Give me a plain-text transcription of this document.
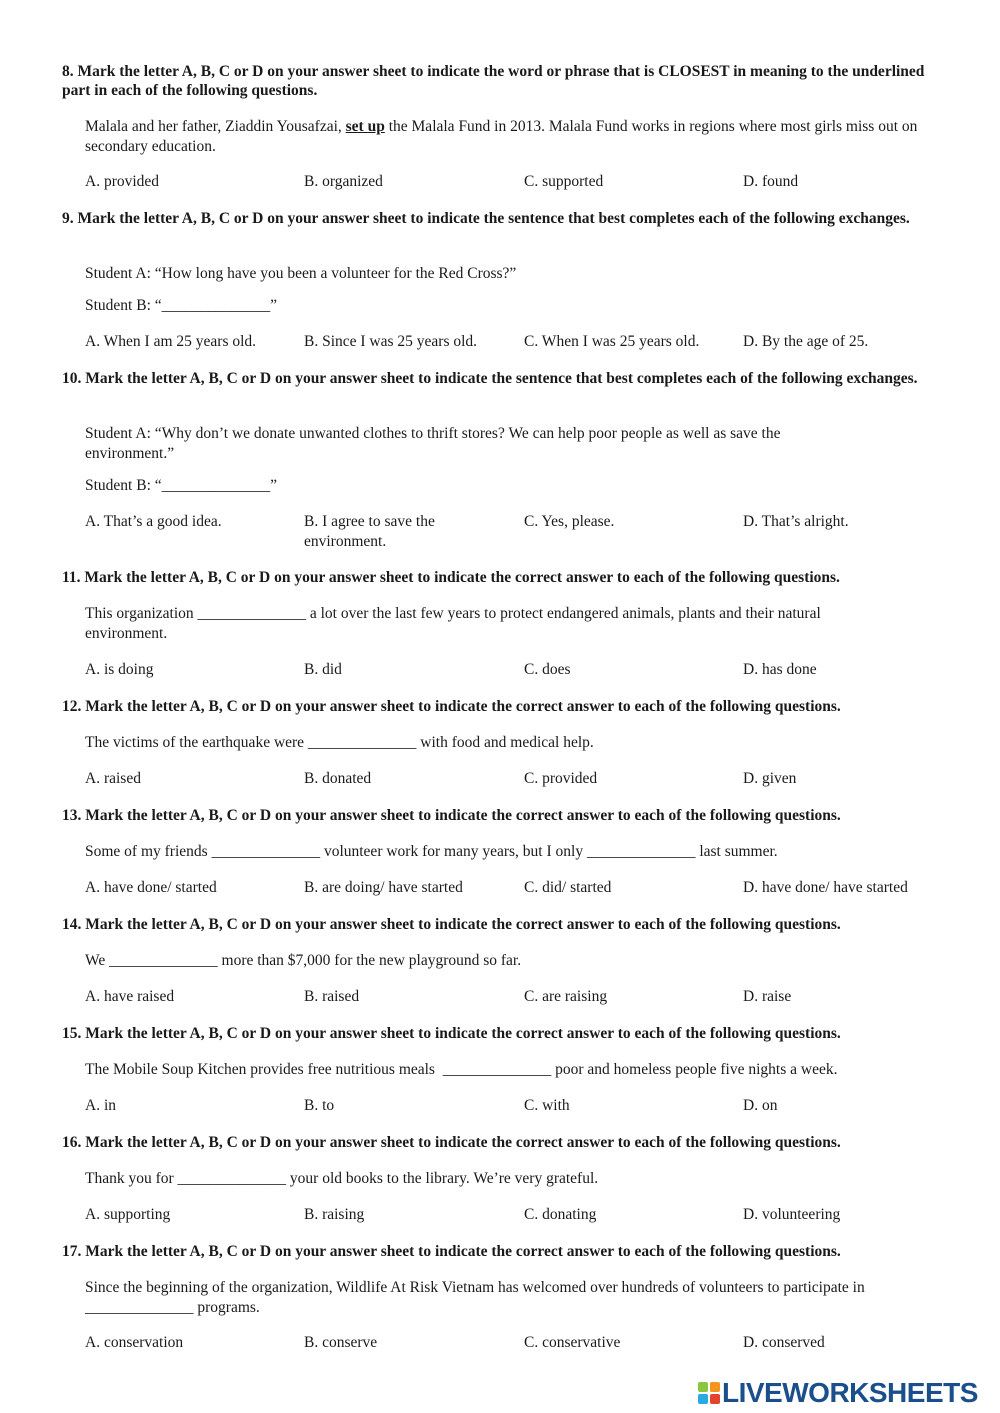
8. Mark the letter A, B, C or D on your answer sheet to indicate the word or phrase that is CLOSEST in meaning to the underlined part in each of the following questions.
Malala and her father, Ziaddin Yousafzai, set up the Malala Fund in 2013. Malala Fund works in regions where most girls miss out on secondary education.
A. provided	B. organized	C. supported	D. found
9. Mark the letter A, B, C or D on your answer sheet to indicate the sentence that best completes each of the following exchanges.
Student A: “How long have you been a volunteer for the Red Cross?”
Student B: “______________”
A. When I am 25 years old.	B. Since I was 25 years old.	C. When I was 25 years old.	D. By the age of 25.
10. Mark the letter A, B, C or D on your answer sheet to indicate the sentence that best completes each of the following exchanges.
Student A: “Why don’t we donate unwanted clothes to thrift stores? We can help poor people as well as save the environment.”
Student B: “______________”
A. That’s a good idea.	B. I agree to save the environment.
C. Yes, please.	D. That’s alright.
11. Mark the letter A, B, C or D on your answer sheet to indicate the correct answer to each of the following questions.
This organization ______________ a lot over the last few years to protect endangered animals, plants and their natural environment.
A. is doing	B. did	C. does	D. has done
12. Mark the letter A, B, C or D on your answer sheet to indicate the correct answer to each of the following questions.
The victims of the earthquake were ______________ with food and medical help.
A. raised	B. donated	C. provided	D. given
13. Mark the letter A, B, C or D on your answer sheet to indicate the correct answer to each of the following questions.
Some of my friends ______________ volunteer work for many years, but I only ______________ last summer.
A. have done/ started	B. are doing/ have started	C. did/ started	D. have done/ have started
14. Mark the letter A, B, C or D on your answer sheet to indicate the correct answer to each of the following questions.
We ______________ more than $7,000 for the new playground so far.
A. have raised	B. raised	C. are raising	D. raise
15. Mark the letter A, B, C or D on your answer sheet to indicate the correct answer to each of the following questions.
The Mobile Soup Kitchen provides free nutritious meals  ______________ poor and homeless people five nights a week.
A. in	B. to	C. with	D. on
16. Mark the letter A, B, C or D on your answer sheet to indicate the correct answer to each of the following questions.
Thank you for ______________ your old books to the library. We’re very grateful.
A. supporting	B. raising	C. donating	D. volunteering
17. Mark the letter A, B, C or D on your answer sheet to indicate the correct answer to each of the following questions.
Since the beginning of the organization, Wildlife At Risk Vietnam has welcomed over hundreds of volunteers to participate in ______________ programs.
A. conservation	B. conserve	C. conservative	D. conserved
LIVEWORKSHEETS
